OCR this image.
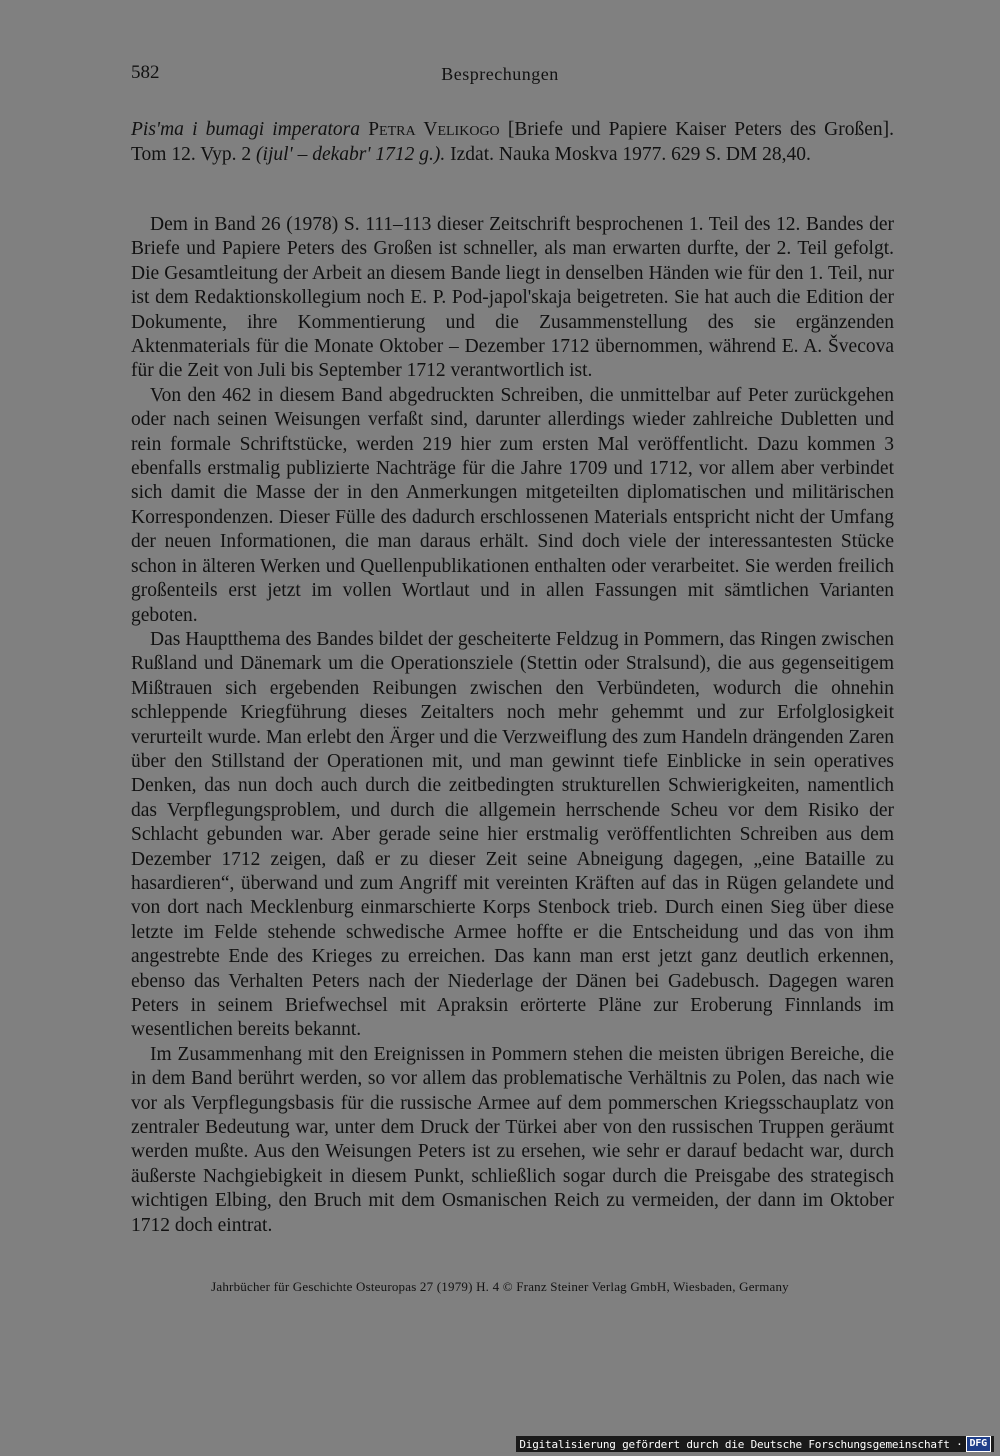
582	Besprechungen
Pis'ma i bumagi imperatora Petra Velikogo [Briefe und Papiere Kaiser Peters des Großen]. Tom 12. Vyp. 2 (ijul' – dekabr' 1712 g.). Izdat. Nauka Moskva 1977. 629 S. DM 28,40.

Dem in Band 26 (1978) S. 111–113 dieser Zeitschrift besprochenen 1. Teil des 12. Bandes der Briefe und Papiere Peters des Großen ist schneller, als man erwarten durfte, der 2. Teil gefolgt. Die Gesamtleitung der Arbeit an diesem Bande liegt in denselben Händen wie für den 1. Teil, nur ist dem Redaktionskollegium noch E. P. Pod-japol'skaja beigetreten. Sie hat auch die Edition der Dokumente, ihre Kommentierung und die Zusammenstellung des sie ergänzenden Aktenmaterials für die Monate Oktober – Dezember 1712 übernommen, während E. A. Švecova für die Zeit von Juli bis September 1712 verantwortlich ist.

Von den 462 in diesem Band abgedruckten Schreiben, die unmittelbar auf Peter zurückgehen oder nach seinen Weisungen verfaßt sind, darunter allerdings wieder zahlreiche Dubletten und rein formale Schriftstücke, werden 219 hier zum ersten Mal veröffentlicht. Dazu kommen 3 ebenfalls erstmalig publizierte Nachträge für die Jahre 1709 und 1712, vor allem aber verbindet sich damit die Masse der in den Anmerkungen mitgeteilten diplomatischen und militärischen Korrespondenzen. Dieser Fülle des dadurch erschlossenen Materials entspricht nicht der Umfang der neuen Informationen, die man daraus erhält. Sind doch viele der interessantesten Stücke schon in älteren Werken und Quellenpublikationen enthalten oder verarbeitet. Sie werden freilich großenteils erst jetzt im vollen Wortlaut und in allen Fassungen mit sämtlichen Varianten geboten.

Das Hauptthema des Bandes bildet der gescheiterte Feldzug in Pommern, das Ringen zwischen Rußland und Dänemark um die Operationsziele (Stettin oder Stralsund), die aus gegenseitigem Mißtrauen sich ergebenden Reibungen zwischen den Verbündeten, wodurch die ohnehin schleppende Kriegführung dieses Zeitalters noch mehr gehemmt und zur Erfolglosigkeit verurteilt wurde. Man erlebt den Ärger und die Verzweiflung des zum Handeln drängenden Zaren über den Stillstand der Operationen mit, und man gewinnt tiefe Einblicke in sein operatives Denken, das nun doch auch durch die zeitbedingten strukturellen Schwierigkeiten, namentlich das Verpflegungsproblem, und durch die allgemein herrschende Scheu vor dem Risiko der Schlacht gebunden war. Aber gerade seine hier erstmalig veröffentlichten Schreiben aus dem Dezember 1712 zeigen, daß er zu dieser Zeit seine Abneigung dagegen, „eine Bataille zu hasardieren“, überwand und zum Angriff mit vereinten Kräften auf das in Rügen gelandete und von dort nach Mecklenburg einmarschierte Korps Stenbock trieb. Durch einen Sieg über diese letzte im Felde stehende schwedische Armee hoffte er die Entscheidung und das von ihm angestrebte Ende des Krieges zu erreichen. Das kann man erst jetzt ganz deutlich erkennen, ebenso das Verhalten Peters nach der Niederlage der Dänen bei Gadebusch. Dagegen waren Peters in seinem Briefwechsel mit Apraksin erörterte Pläne zur Eroberung Finnlands im wesentlichen bereits bekannt.

Im Zusammenhang mit den Ereignissen in Pommern stehen die meisten übrigen Bereiche, die in dem Band berührt werden, so vor allem das problematische Verhältnis zu Polen, das nach wie vor als Verpflegungsbasis für die russische Armee auf dem pommerschen Kriegsschauplatz von zentraler Bedeutung war, unter dem Druck der Türkei aber von den russischen Truppen geräumt werden mußte. Aus den Weisungen Peters ist zu ersehen, wie sehr er darauf bedacht war, durch äußerste Nachgiebigkeit in diesem Punkt, schließlich sogar durch die Preisgabe des strategisch wichtigen Elbing, den Bruch mit dem Osmanischen Reich zu vermeiden, der dann im Oktober 1712 doch eintrat.

Jahrbücher für Geschichte Osteuropas 27 (1979) H. 4 © Franz Steiner Verlag GmbH, Wiesbaden, Germany
Digitalisierung gefördert durch die Deutsche Forschungsgemeinschaft · DFG
